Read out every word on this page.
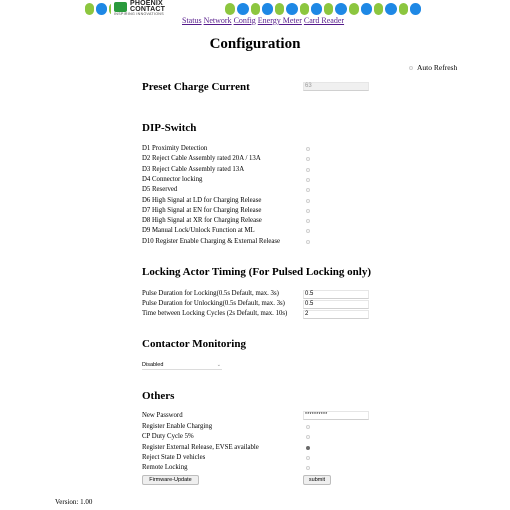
PHOENIX
CONTACT
INSPIRING INNOVATIONS
Status Network Config Energy Meter Card Reader
Configuration
Auto Refresh
Preset Charge Current	63
DIP-Switch
D1 Proximity Detection
D2 Reject Cable Assembly rated 20A / 13A
D3 Reject Cable Assembly rated 13A
D4 Connector locking
D5 Reserved
D6 High Signal at LD for Charging Release
D7 High Signal at EN for Charging Release
D8 High Signal at XR for Charging Release
D9 Manual Lock/Unlock Function at ML
D10 Register Enable Charging & External Release
Locking Actor Timing (For Pulsed Locking only)
Pulse Duration for Locking(0.5s Default, max. 3s)	0.5
Pulse Duration for Unlocking(0.5s Default, max. 3s)	0.5
Time between Locking Cycles (2s Default, max. 10s)	2
Contactor Monitoring
Disabled	⌄
Others
New Password	**********
Register Enable Charging
CP Duty Cycle 5%
Register External Release, EVSE available
Reject State D vehicles
Remote Locking
Firmware-Update	submit
Version: 1.00
